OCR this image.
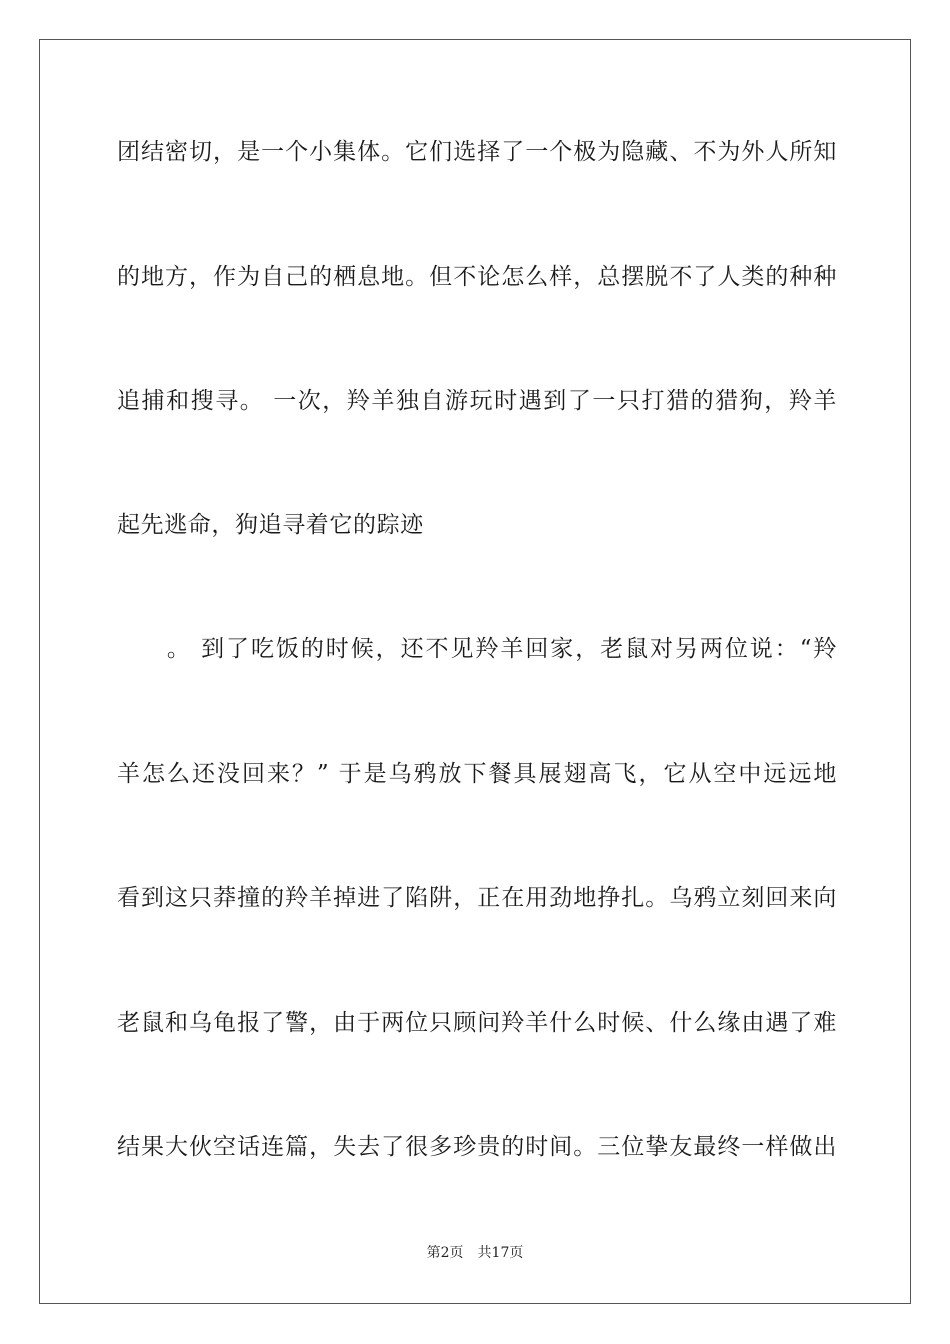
团结密切，是一个小集体。它们选择了一个极为隐藏、不为外人所知
的地方，作为自己的栖息地。但不论怎么样，总摆脱不了人类的种种
追捕和搜寻。 一次，羚羊独自游玩时遇到了一只打猎的猎狗，羚羊
起先逃命，狗追寻着它的踪迹
　　。 到了吃饭的时候，还不见羚羊回家，老鼠对另两位说：“羚
羊怎么还没回来？” 于是乌鸦放下餐具展翅高飞，它从空中远远地
看到这只莽撞的羚羊掉进了陷阱，正在用劲地挣扎。乌鸦立刻回来向
老鼠和乌龟报了警，由于两位只顾问羚羊什么时候、什么缘由遇了难
结果大伙空话连篇，失去了很多珍贵的时间。三位挚友最终一样做出
第2页 共17页
